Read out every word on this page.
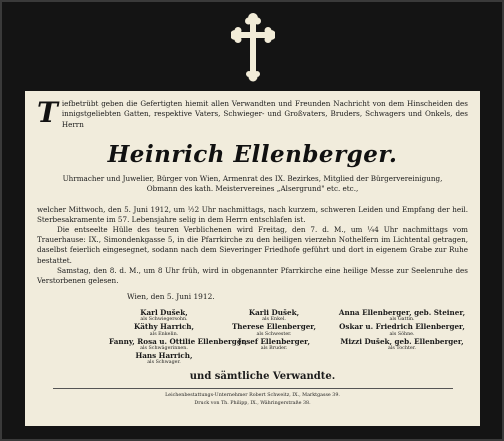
T iefbetrübt geben die Gefertigten hiemit allen Verwandten und Freunden Nachricht von dem Hinscheiden des innigstgeliebten Gatten, respektive Vaters, Schwieger- und Großvaters, Bruders, Schwagers und Onkels, des Herrn
Heinrich Ellenberger.
Uhrmacher und Juwelier, Bürger von Wien, Armenrat des IX. Bezirkes, Mitglied der Bürgervereinigung, Obmann des kath. Meistervereines „Alsergrund" etc. etc.,
welcher Mittwoch, den 5. Juni 1912, um ½2 Uhr nachmittags, nach kurzem, schweren Leiden und Empfang der heil. Sterbesakramente im 57. Lebensjahre selig in dem Herrn entschlafen ist.
Die entseelte Hülle des teuren Verblichenen wird Freitag, den 7. d. M., um ¼4 Uhr nachmittags vom Trauerhause: IX., Simondenkgasse 5, in die Pfarrkirche zu den heiligen vierzehn Nothelfern im Lichtental getragen, daselbst feierlich eingesegnet, sodann nach dem Sieveringer Friedhofe geführt und dort in eigenem Grabe zur Ruhe bestattet.
Samstag, den 8. d. M., um 8 Uhr früh, wird in obgenannter Pfarrkirche eine heilige Messe zur Seelenruhe des Verstorbenen gelesen.
Wien, den 5. Juni 1912.
Karl Dušek,
als Schwiegersohn.
Käthy Harrich,
als Enkelin.
Fanny, Rosa u. Ottilie Ellenberger,
als Schwägerinnen.
Hans Harrich,
als Schwager.
Karli Dušek,
als Enkel.
Therese Ellenberger,
als Schwester.
Josef Ellenberger,
als Bruder.
Anna Ellenberger, geb. Steiner,
als Gattin.
Oskar u. Friedrich Ellenberger,
als Söhne.
Mizzi Dušek, geb. Ellenberger,
als Tochter.
und sämtliche Verwandte.
Leichenbestattungs-Unternehmer Robert Schweitz, IX., Marktgasse 39.
Druck von Th. Philipp, IX., Währingerstraße 38.
